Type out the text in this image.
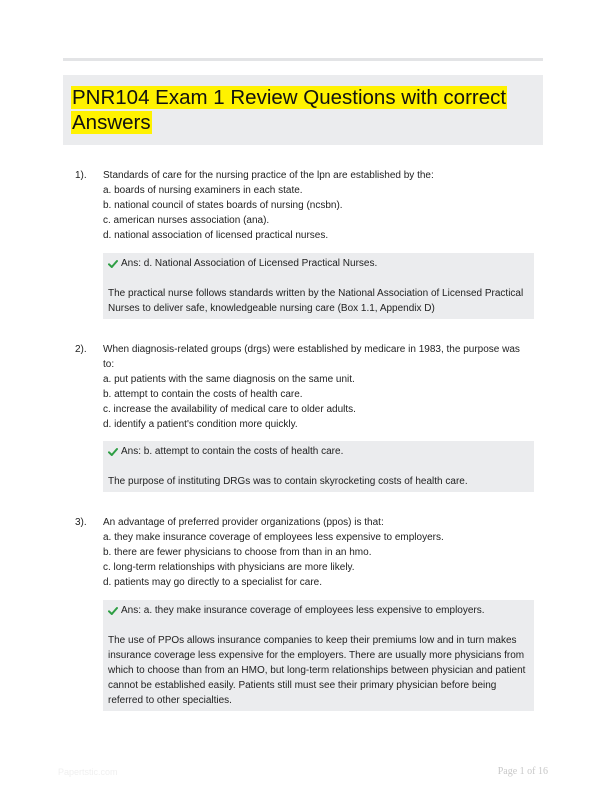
PNR104 Exam 1 Review Questions with correct Answers
1). Standards of care for the nursing practice of the lpn are established by the:
a. boards of nursing examiners in each state.
b. national council of states boards of nursing (ncsbn).
c. american nurses association (ana).
d. national association of licensed practical nurses.
Ans: d. National Association of Licensed Practical Nurses.
The practical nurse follows standards written by the National Association of Licensed Practical Nurses to deliver safe, knowledgeable nursing care (Box 1.1, Appendix D)
2). When diagnosis-related groups (drgs) were established by medicare in 1983, the purpose was to:
a. put patients with the same diagnosis on the same unit.
b. attempt to contain the costs of health care.
c. increase the availability of medical care to older adults.
d. identify a patient's condition more quickly.
Ans: b. attempt to contain the costs of health care.
The purpose of instituting DRGs was to contain skyrocketing costs of health care.
3). An advantage of preferred provider organizations (ppos) is that:
a. they make insurance coverage of employees less expensive to employers.
b. there are fewer physicians to choose from than in an hmo.
c. long-term relationships with physicians are more likely.
d. patients may go directly to a specialist for care.
Ans: a. they make insurance coverage of employees less expensive to employers.
The use of PPOs allows insurance companies to keep their premiums low and in turn makes insurance coverage less expensive for the employers. There are usually more physicians from which to choose than from an HMO, but long-term relationships between physician and patient cannot be established easily. Patients still must see their primary physician before being referred to other specialties.
Papertstic.com	Page 1 of 16
